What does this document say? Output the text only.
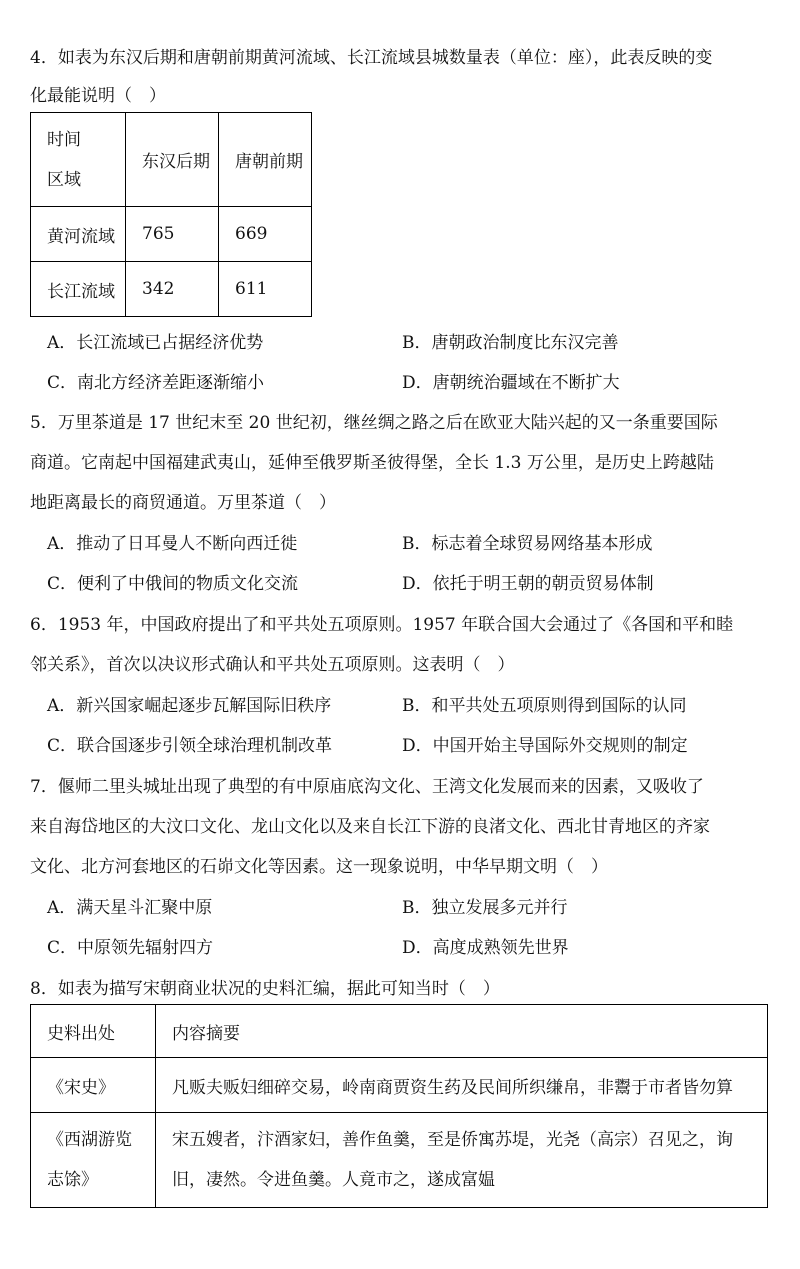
4．如表为东汉后期和唐朝前期黄河流域、长江流域县城数量表（单位：座），此表反映的变
化最能说明（　）
时间
区域	东汉后期	唐朝前期
黄河流域	765	669
长江流域	342	611
A．长江流域已占据经济优势	B．唐朝政治制度比东汉完善
C．南北方经济差距逐渐缩小	D．唐朝统治疆域在不断扩大
5．万里茶道是 17 世纪末至 20 世纪初，继丝绸之路之后在欧亚大陆兴起的又一条重要国际
商道。它南起中国福建武夷山，延伸至俄罗斯圣彼得堡，全长 1.3 万公里，是历史上跨越陆
地距离最长的商贸通道。万里茶道（　）
A．推动了日耳曼人不断向西迁徙	B．标志着全球贸易网络基本形成
C．便利了中俄间的物质文化交流	D．依托于明王朝的朝贡贸易体制
6．1953 年，中国政府提出了和平共处五项原则。1957 年联合国大会通过了《各国和平和睦
邻关系》，首次以决议形式确认和平共处五项原则。这表明（　）
A．新兴国家崛起逐步瓦解国际旧秩序	B．和平共处五项原则得到国际的认同
C．联合国逐步引领全球治理机制改革	D．中国开始主导国际外交规则的制定
7．偃师二里头城址出现了典型的有中原庙底沟文化、王湾文化发展而来的因素，又吸收了
来自海岱地区的大汶口文化、龙山文化以及来自长江下游的良渚文化、西北甘青地区的齐家
文化、北方河套地区的石峁文化等因素。这一现象说明，中华早期文明（　）
A．满天星斗汇聚中原	B．独立发展多元并行
C．中原领先辐射四方	D．高度成熟领先世界
8．如表为描写宋朝商业状况的史料汇编，据此可知当时（　）
史料出处	内容摘要
《宋史》	凡贩夫贩妇细碎交易，岭南商贾资生药及民间所织缣帛，非鬻于市者皆勿算

《西湖游览
志馀》	宋五嫂者，汴酒家妇，善作鱼羹，至是侨寓苏堤，光尧（高宗）召见之，询
旧，凄然。令进鱼羹。人竟市之，遂成富媪
